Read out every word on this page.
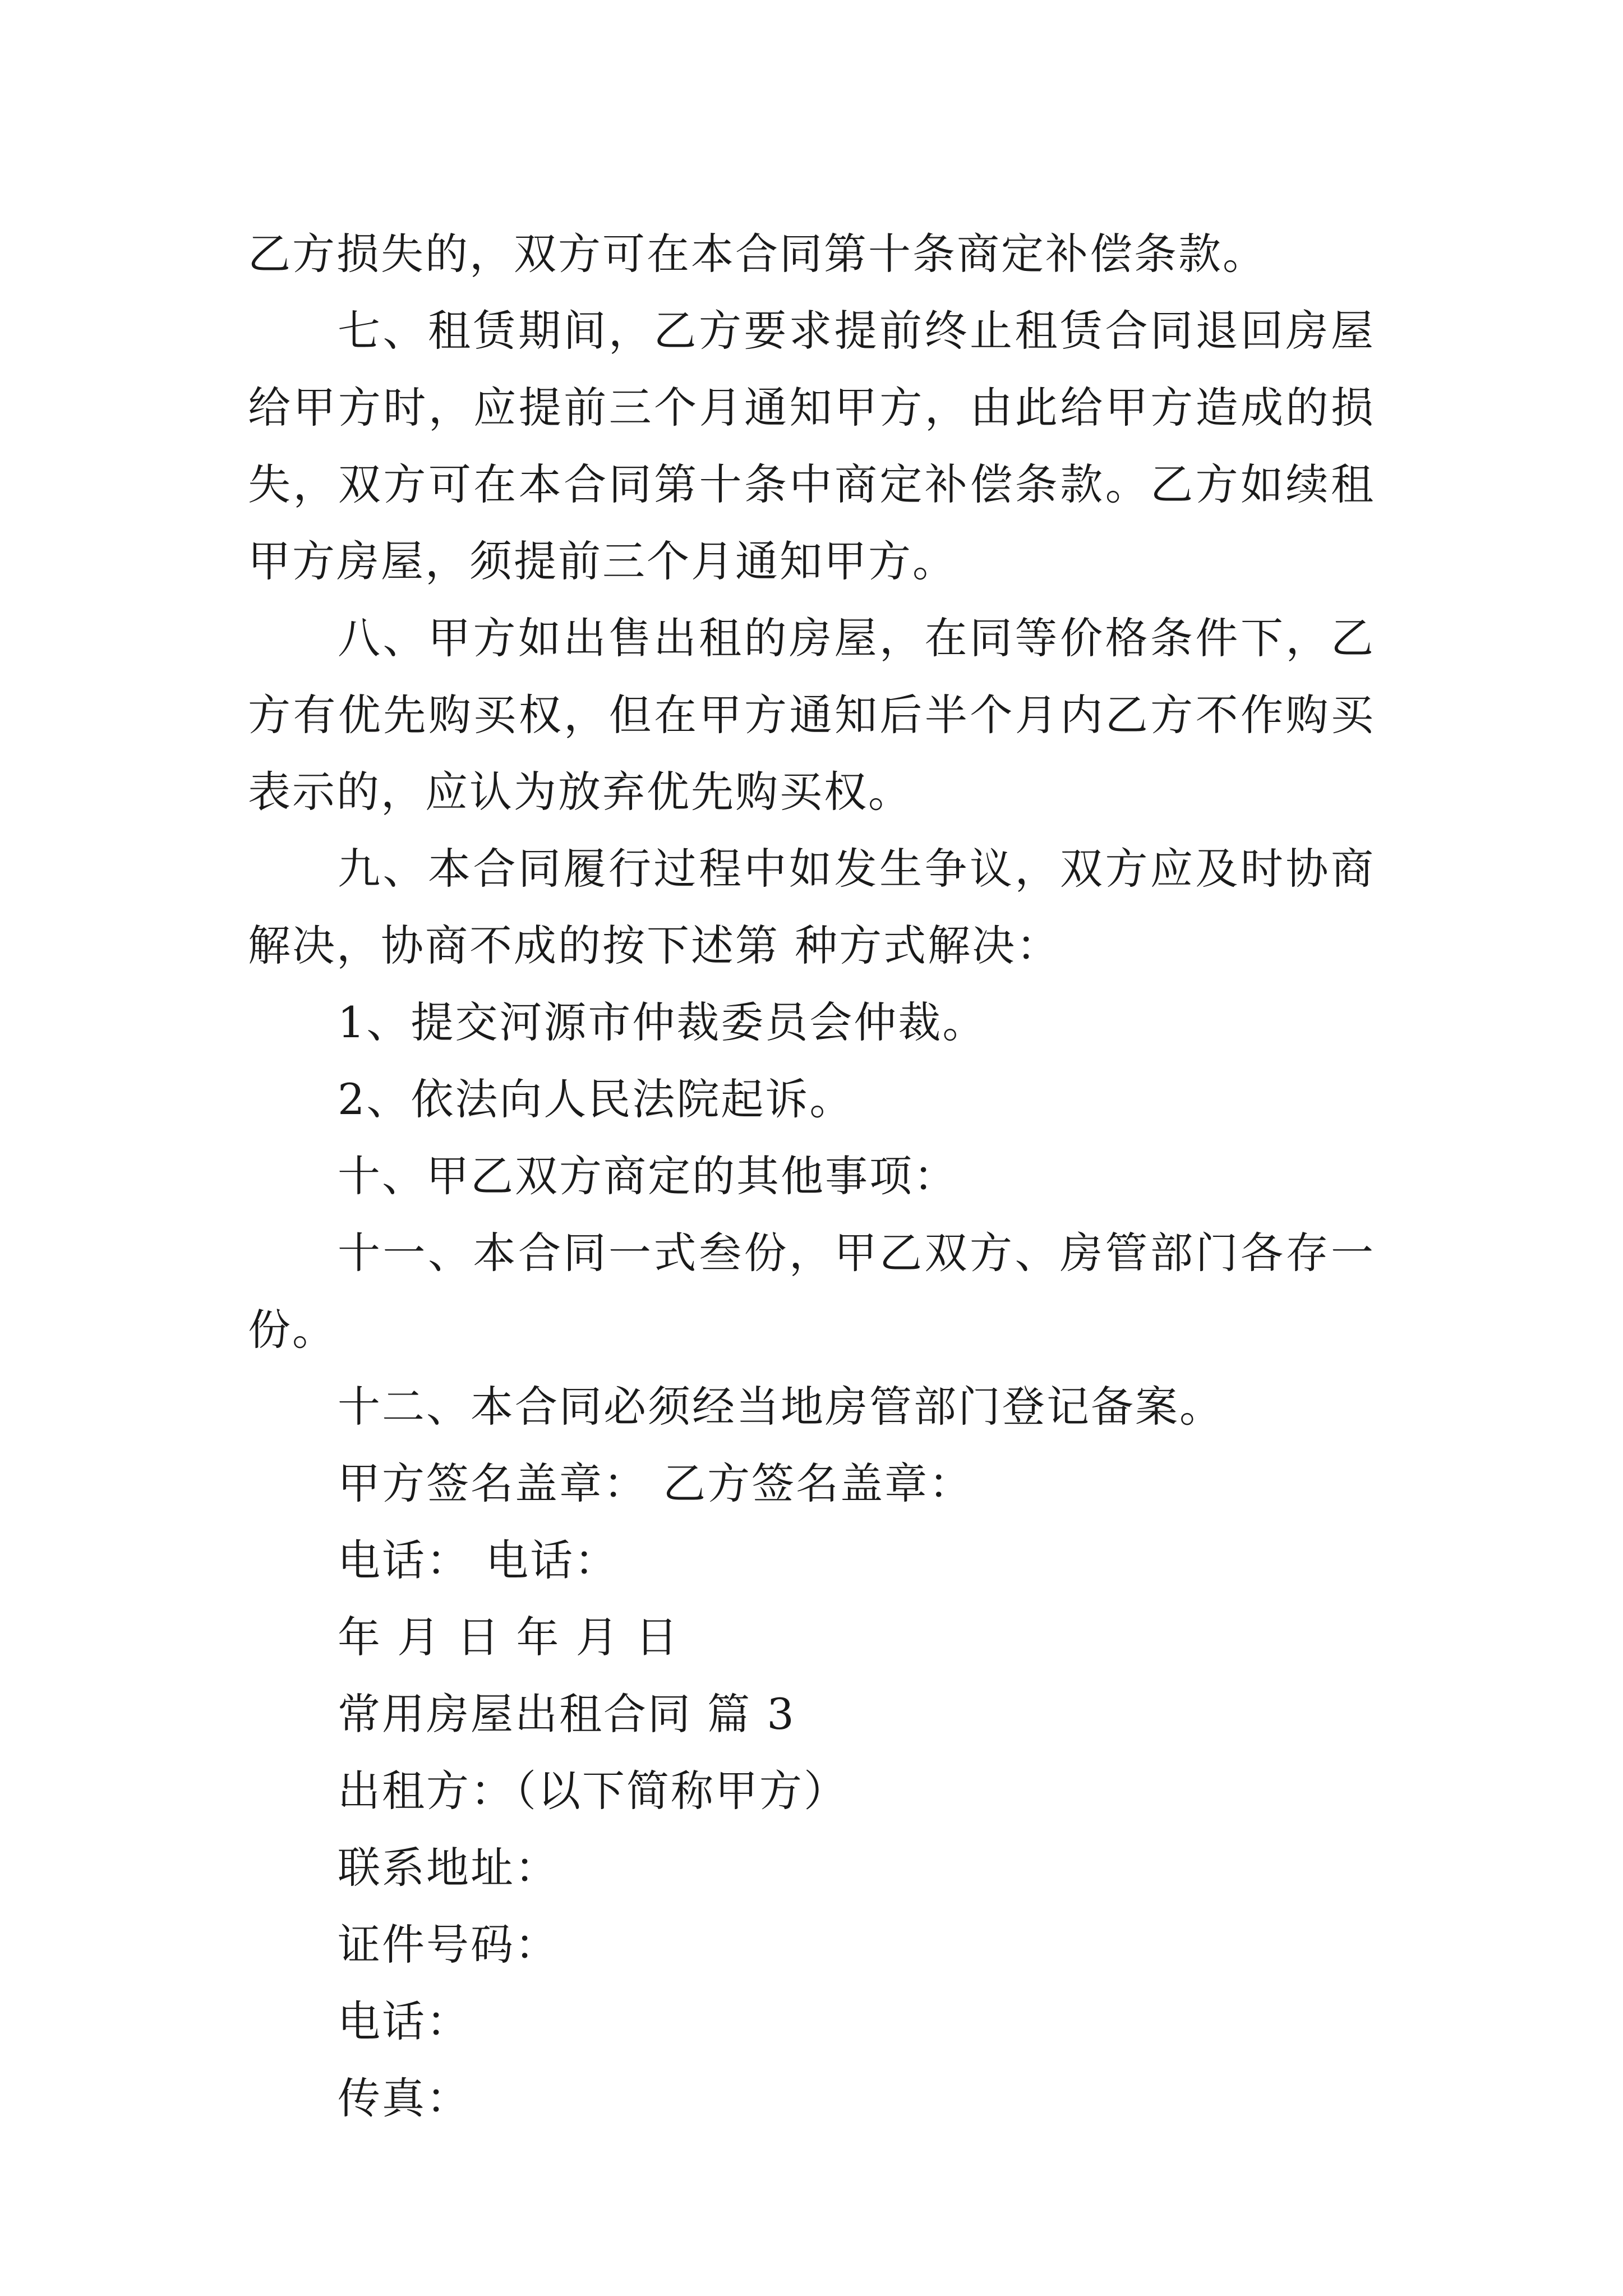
乙方损失的，双方可在本合同第十条商定补偿条款。

七、租赁期间，乙方要求提前终止租赁合同退回房屋给甲方时，应提前三个月通知甲方，由此给甲方造成的损失，双方可在本合同第十条中商定补偿条款。乙方如续租甲方房屋，须提前三个月通知甲方。

八、甲方如出售出租的房屋，在同等价格条件下，乙方有优先购买权，但在甲方通知后半个月内乙方不作购买表示的，应认为放弃优先购买权。

九、本合同履行过程中如发生争议，双方应及时协商解决，协商不成的按下述第 种方式解决：

1、提交河源市仲裁委员会仲裁。

2、依法向人民法院起诉。

十、甲乙双方商定的其他事项：

十一、本合同一式叁份，甲乙双方、房管部门各存一份。

十二、本合同必须经当地房管部门登记备案。

甲方签名盖章： 乙方签名盖章：

电话： 电话：

年 月 日 年 月 日

常用房屋出租合同 篇 3

出租方：（以下简称甲方）

联系地址：

证件号码：

电话：

传真：
